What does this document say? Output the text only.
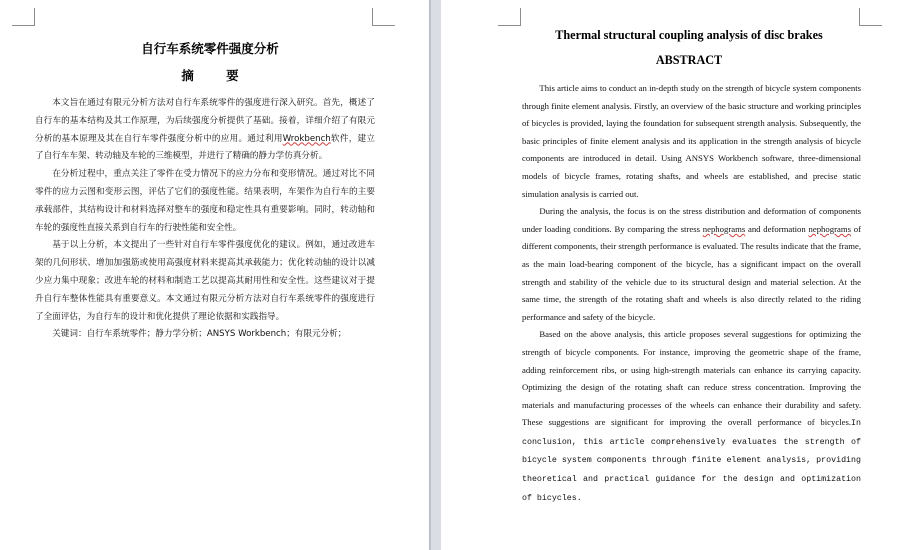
自行车系统零件强度分析
摘 要

本文旨在通过有限元分析方法对自行车系统零件的强度进行深入研究。首先，概述了自行车的基本结构及其工作原理，为后续强度分析提供了基础。接着，详细介绍了有限元分析的基本原理及其在自行车零件强度分析中的应用。通过利用Wrokbench软件，建立了自行车车架、转动轴及车轮的三维模型，并进行了精确的静力学仿真分析。

在分析过程中，重点关注了零件在受力情况下的应力分布和变形情况。通过对比不同零件的应力云图和变形云图，评估了它们的强度性能。结果表明，车架作为自行车的主要承载部件，其结构设计和材料选择对整车的强度和稳定性具有重要影响。同时，转动轴和车轮的强度性直接关系到自行车的行驶性能和安全性。

基于以上分析，本文提出了一些针对自行车零件强度优化的建议。例如，通过改进车架的几何形状、增加加强筋或使用高强度材料来提高其承载能力；优化转动轴的设计以减少应力集中现象；改进车轮的材料和制造工艺以提高其耐用性和安全性。这些建议对于提升自行车整体性能具有重要意义。本文通过有限元分析方法对自行车系统零件的强度进行了全面评估，为自行车的设计和优化提供了理论依据和实践指导。

关键词：自行车系统零件；静力学分析；ANSYS Workbench；有限元分析；

Thermal structural coupling analysis of disc brakes
ABSTRACT

This article aims to conduct an in-depth study on the strength of bicycle system components through finite element analysis. Firstly, an overview of the basic structure and working principles of bicycles is provided, laying the foundation for subsequent strength analysis. Subsequently, the basic principles of finite element analysis and its application in the strength analysis of bicycle components are introduced in detail. Using ANSYS Workbench software, three-dimensional models of bicycle frames, rotating shafts, and wheels are established, and precise static simulation analysis is carried out.

During the analysis, the focus is on the stress distribution and deformation of components under loading conditions. By comparing the stress nephograms and deformation nephograms of different components, their strength performance is evaluated. The results indicate that the frame, as the main load-bearing component of the bicycle, has a significant impact on the overall strength and stability of the vehicle due to its structural design and material selection. At the same time, the strength of the rotating shaft and wheels is also directly related to the riding performance and safety of the bicycle.

Based on the above analysis, this article proposes several suggestions for optimizing the strength of bicycle components. For instance, improving the geometric shape of the frame, adding reinforcement ribs, or using high-strength materials can enhance its carrying capacity. Optimizing the design of the rotating shaft can reduce stress concentration. Improving the materials and manufacturing processes of the wheels can enhance their durability and safety. These suggestions are significant for improving the overall performance of bicycles.In conclusion, this article comprehensively evaluates the strength of bicycle system components through finite element analysis, providing theoretical and practical guidance for the design and optimization of bicycles.
